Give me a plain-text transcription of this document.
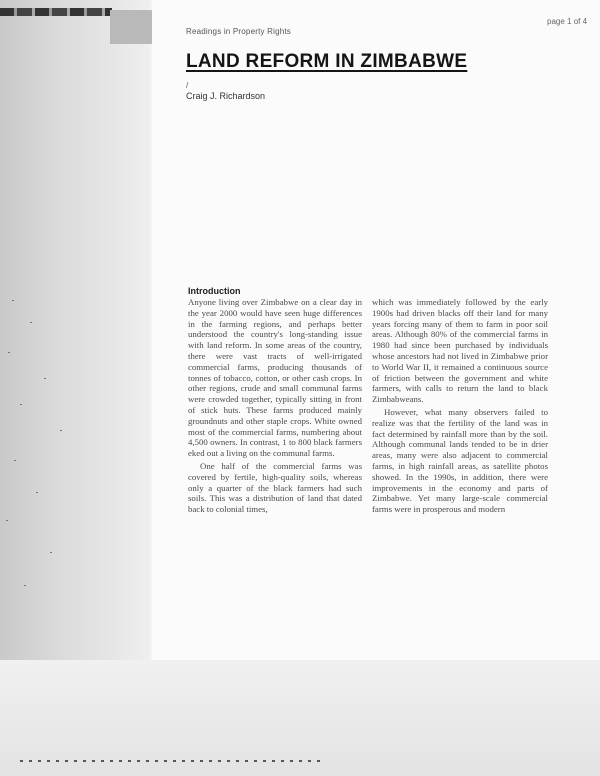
Readings in Property Rights
page 1 of 4
LAND REFORM IN ZIMBABWE
/
Craig J. Richardson
Introduction

Anyone living over Zimbabwe on a clear day in the year 2000 would have seen huge differences in the farming regions, and perhaps better understood the country's long-standing issue with land reform. In some areas of the country, there were vast tracts of well-irrigated commercial farms, producing thousands of tonnes of tobacco, cotton, or other cash crops. In other regions, crude and small communal farms were crowded together, typically sitting in front of stick huts. These farms produced mainly groundnuts and other staple crops. White owned most of the commercial farms, numbering about 4,500 owners. In contrast, 1 to 800 black farmers eked out a living on the communal farms.

One half of the commercial farms was covered by fertile, high-quality soils, whereas only a quarter of the black farmers had such soils. This was a distribution of land that dated back to colonial times,

which was immediately followed by the early 1900s had driven blacks off their land for many years forcing many of them to farm in poor soil areas. Although 80% of the commercial farms in 1980 had since been purchased by individuals whose ancestors had not lived in Zimbabwe prior to World War II, it remained a continuous source of friction between the government and white farmers, with calls to return the land to black Zimbabweans.

However, what many observers failed to realize was that the fertility of the land was in fact determined by rainfall more than by the soil. Although communal lands tended to be in drier areas, many were also adjacent to commercial farms, in high rainfall areas, as satellite photos showed. In the 1990s, in addition, there were improvements in the economy and parts of Zimbabwe. Yet many large-scale commercial farms were in prosperous and modern
